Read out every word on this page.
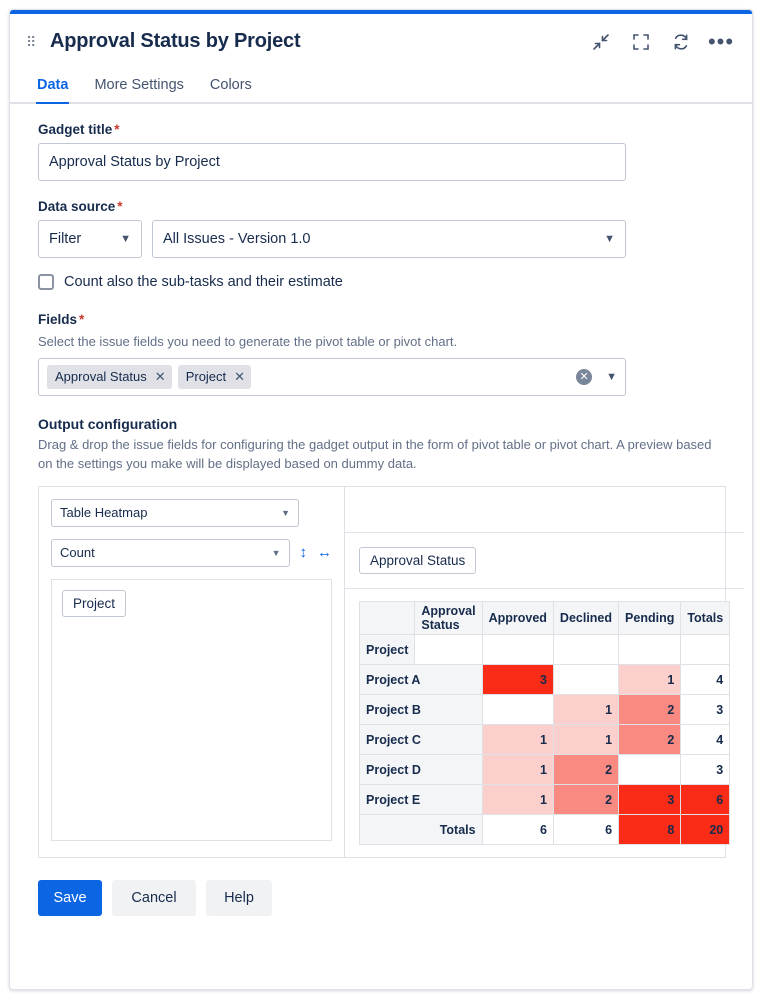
⠿ Approval Status by Project	•••
Data More Settings Colors
Gadget title *
Approval Status by Project
Data source *
Filter	▼ All Issues - Version 1.0	▼
Count also the sub-tasks and their estimate
Fields *
Select the issue fields you need to generate the pivot table or pivot chart.
Approval Status ✕ Project ✕	✕	▼
Output configuration
Drag & drop the issue fields for configuring the gadget output in the form of pivot table or pivot chart. A preview based on the settings you make will be displayed based on dummy data.
Table Heatmap	▼
Count	▼ ↕ ↔
Project
Approval Status
	Approval Status	Approved	Declined	Pending	Totals
Project					
Project A		3		1	4
Project B			1	2	3
Project C		1	1	2	4
Project D		1	2		3
Project E		1	2	3	6
Totals		6	6	8	20
Save	Cancel	Help
